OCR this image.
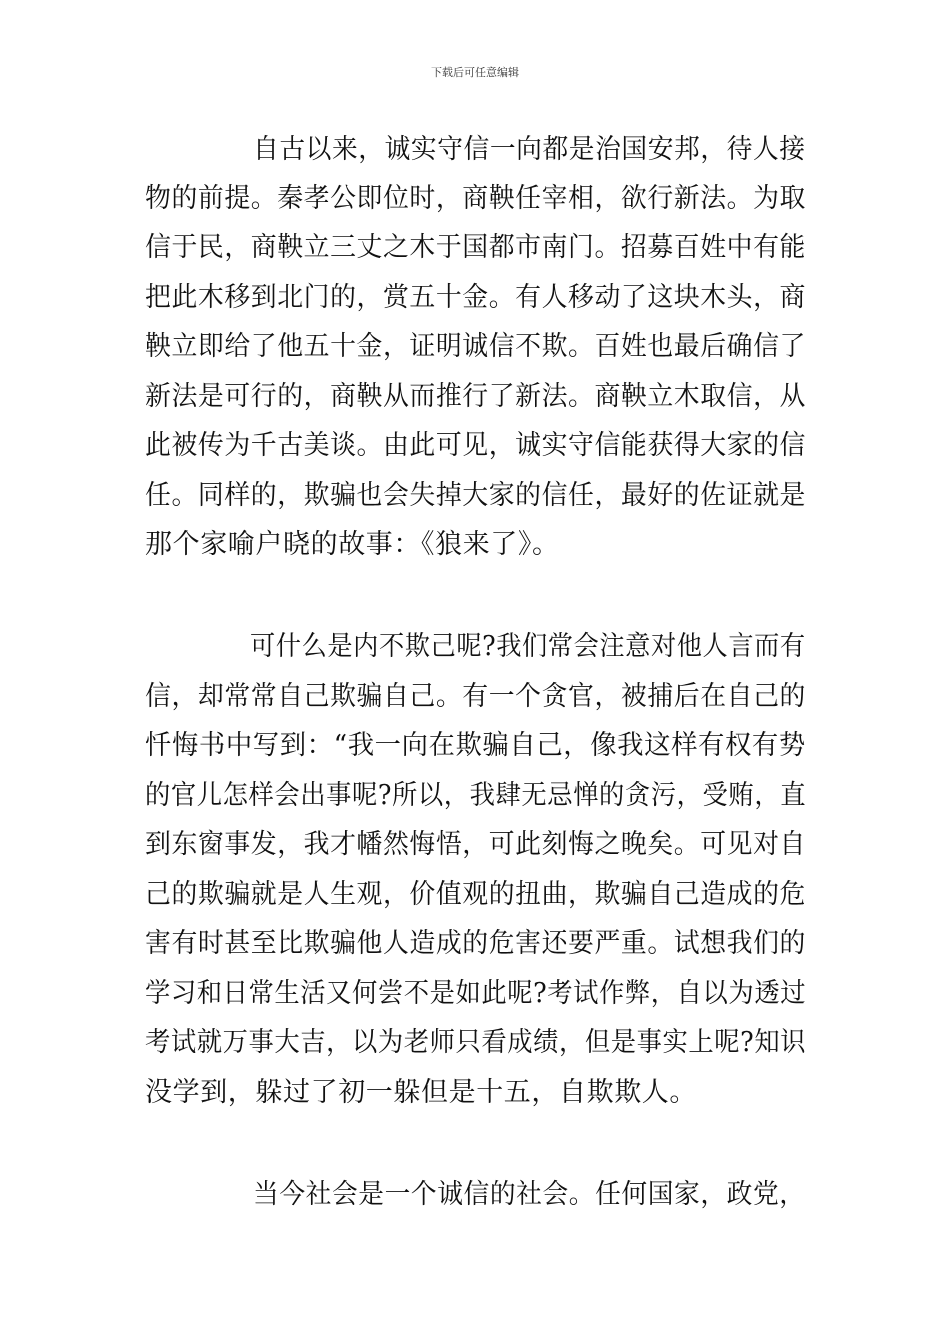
下载后可任意编辑
自古以来，诚实守信一向都是治国安邦，待人接
物的前提。秦孝公即位时，商鞅任宰相，欲行新法。为取
信于民，商鞅立三丈之木于国都市南门。招募百姓中有能
把此木移到北门的，赏五十金。有人移动了这块木头，商
鞅立即给了他五十金，证明诚信不欺。百姓也最后确信了
新法是可行的，商鞅从而推行了新法。商鞅立木取信，从
此被传为千古美谈。由此可见，诚实守信能获得大家的信
任。同样的，欺骗也会失掉大家的信任，最好的佐证就是
那个家喻户晓的故事：《狼来了》。
可什么是内不欺己呢?我们常会注意对他人言而有
信，却常常自己欺骗自己。有一个贪官，被捕后在自己的
忏悔书中写到：“我一向在欺骗自己，像我这样有权有势
的官儿怎样会出事呢?所以，我肆无忌惮的贪污，受贿，直
到东窗事发，我才幡然悔悟，可此刻悔之晚矣。可见对自
己的欺骗就是人生观，价值观的扭曲，欺骗自己造成的危
害有时甚至比欺骗他人造成的危害还要严重。试想我们的
学习和日常生活又何尝不是如此呢?考试作弊，自以为透过
考试就万事大吉，以为老师只看成绩，但是事实上呢?知识
没学到，躲过了初一躲但是十五，自欺欺人。
当今社会是一个诚信的社会。任何国家，政党，
